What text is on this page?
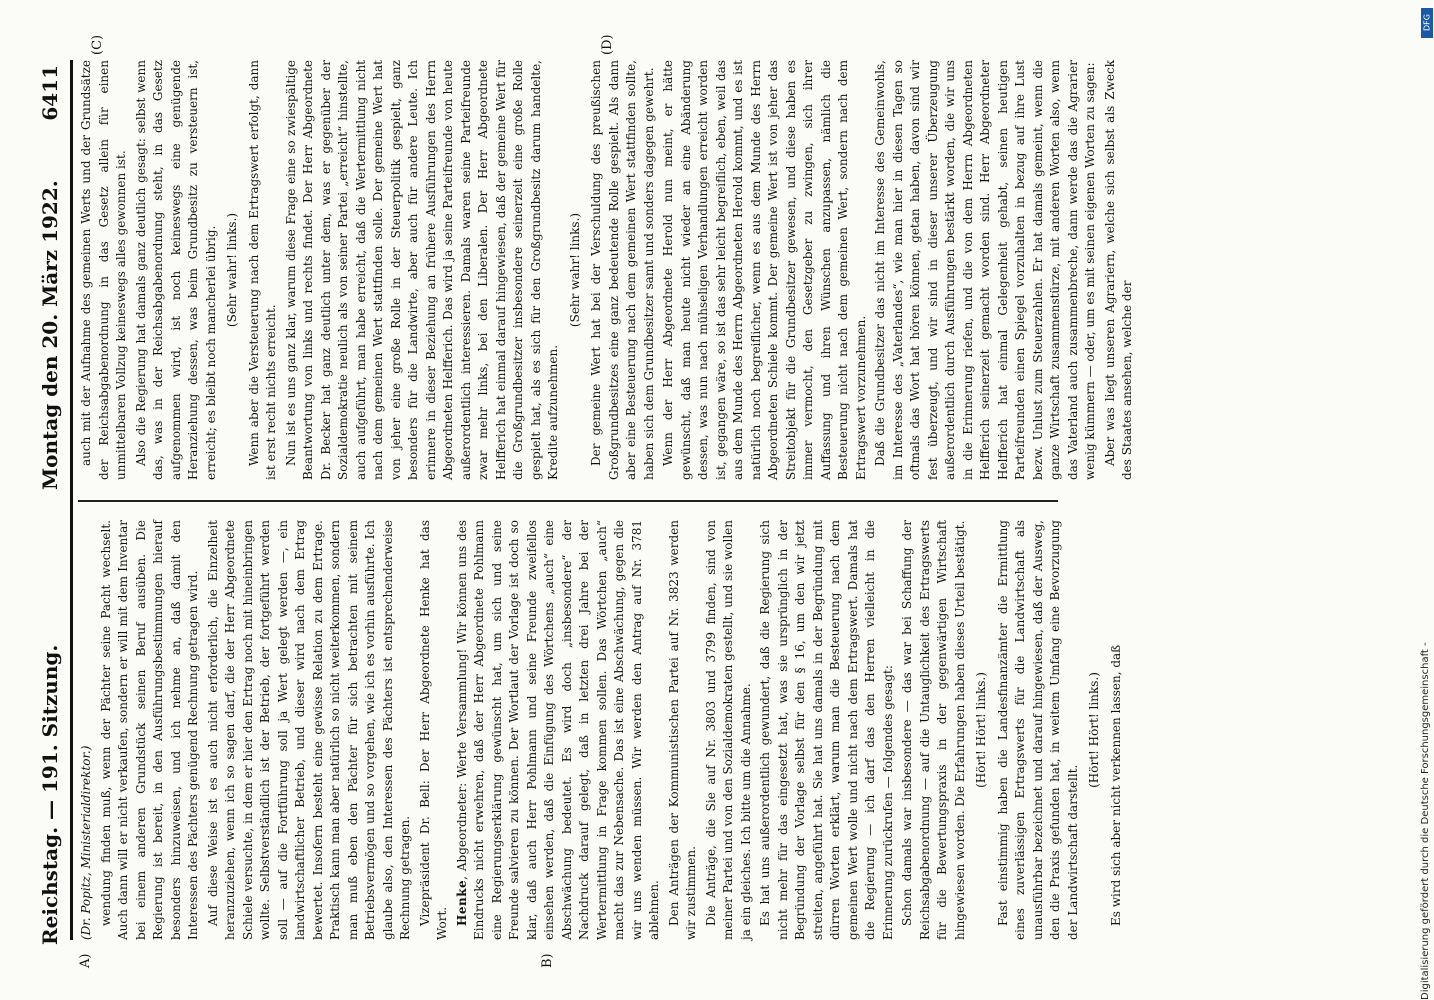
Reichstag. — 191. Sitzung.
Montag den 20. März 1922.
6411
(C)	(D)
B)
A)

(Dr. Popitz, Ministerialdirektor.) wendung finden muß, wenn der Pächter seine Pacht wechselt. Auch dann will er nicht verkaufen, sondern er will mit dem Inventar bei einem anderen Grundstück seinen Beruf ausüben. Die Regierung ist bereit, in den Ausführungsbestimmungen hierauf besonders hinzuweisen, und ich nehme an, daß damit den Interessen des Pächters genügend Rechnung getragen wird. Auf diese Weise ist es auch nicht erforderlich, die Einzelheit heranzuziehen, wenn ich so sagen darf, die der Herr Abgeordnete Schiele versuchte, in dem er hier den Ertrag noch mit hineinbringen wollte. Selbstverständlich ist der Betrieb, der fortgeführt werden soll — auf die Fortführung soll ja Wert gelegt werden —, ein landwirtschaftlicher Betrieb, und dieser wird nach dem Ertrag bewertet. Insofern besteht eine gewisse Relation zu dem Ertrage. Praktisch kann man aber natürlich so nicht weiterkommen, sondern man muß eben den Pächter für sich betrachten mit seinem Betriebsvermögen und so vorgehen, wie ich es vorhin ausführte. Ich glaube also, den Interessen des Pächters ist entsprechenderweise Rechnung getragen. Vizepräsident Dr. Bell: Der Herr Abgeordnete Henke hat das Wort. Henke, Abgeordneter: Werte Versammlung! Wir können uns des Eindrucks nicht erwehren, daß der Herr Abgeordnete Pohlmann eine Regierungserklärung gewünscht hat, um sich und seine Freunde salvieren zu können. Der Wortlaut der Vorlage ist doch so klar, daß auch Herr Pohlmann und seine Freunde zweifellos einsehen werden, daß die Einfügung des Wörtchens „auch“ eine Abschwächung bedeutet. Es wird doch „insbesondere“ der Nachdruck darauf gelegt, daß in letzten drei Jahre bei der Wertermittlung in Frage kommen sollen. Das Wörtchen „auch“ macht das zur Nebensache. Das ist eine Abschwächung, gegen die wir uns wenden müssen. Wir werden den Antrag auf Nr. 3781 ablehnen. Den Anträgen der Kommunistischen Partei auf Nr. 3823 werden wir zustimmen. Die Anträge, die Sie auf Nr. 3803 und 3799 finden, sind von meiner Partei und von den Sozialdemokraten gestellt, und sie wollen ja ein gleiches. Ich bitte um die Annahme. Es hat uns außerordentlich gewundert, daß die Regierung sich nicht mehr für das eingesetzt hat, was sie ursprünglich in der Begründung der Vorlage selbst für den § 16, um den wir jetzt streiten, angeführt hat. Sie hat uns damals in der Begründung mit dürren Worten erklärt, warum man die Besteuerung nach dem gemeinen Wert wolle und nicht nach dem Ertragswert. Damals hat die Regierung — ich darf das den Herren vielleicht in die Erinnerung zurückrufen — folgendes gesagt: Schon damals war insbesondere — das war bei Schaffung der Reichsabgabenordnung — auf die Untauglichkeit des Ertragswerts für die Bewertungspraxis in der gegenwärtigen Wirtschaft hingewiesen worden. Die Erfahrungen haben dieses Urteil bestätigt. (Hört! Hört! links.) Fast einstimmig haben die Landesfinanzämter die Ermittlung eines zuverlässigen Ertragswerts für die Landwirtschaft als unausführbar bezeichnet und darauf hingewiesen, daß der Ausweg, den die Praxis gefunden hat, in weitem Umfang eine Bevorzugung der Landwirtschaft darstellt.

(Hört! Hört! links.) Es wird sich aber nicht verkennen lassen, daß

auch mit der Aufnahme des gemeinen Werts und der Grundsätze der Reichsabgabenordnung in das Gesetz allein für einen unmittelbaren Vollzug keineswegs alles gewonnen ist. Also die Regierung hat damals ganz deutlich gesagt: selbst wenn das, was in der Reichsabgabenordnung steht, in das Gesetz aufgenommen wird, ist noch keineswegs eine genügende Heranziehung dessen, was beim Grundbesitz zu versteuern ist, erreicht; es bleibt noch mancherlei übrig. (Sehr wahr! links.) Wenn aber die Versteuerung nach dem Ertragswert erfolgt, dann ist erst recht nichts erreicht. Nun ist es uns ganz klar, warum diese Frage eine so zwiespältige Beantwortung von links und rechts findet. Der Herr Abgeordnete Dr. Becker hat ganz deutlich unter dem, was er gegenüber der Sozialdemokratie neulich als von seiner Partei „erreicht“ hinstellte, auch aufgeführt, man habe erreicht, daß die Wertermittlung nicht nach dem gemeinen Wert stattfinden solle. Der gemeine Wert hat von jeher eine große Rolle in der Steuerpolitik gespielt, ganz besonders für die Landwirte, aber auch für andere Leute. Ich erinnere in dieser Beziehung an frühere Ausführungen des Herrn Abgeordneten Helfferich. Das wird ja seine Parteifreunde von heute außerordentlich interessieren. Damals waren seine Parteifreunde zwar mehr links, bei den Liberalen. Der Herr Abgeordnete Helfferich hat einmal darauf hingewiesen, daß der gemeine Wert für die Großgrundbesitzer insbesondere seinerzeit eine große Rolle gespielt hat, als es sich für den Großgrundbesitz darum handelte, Kredite aufzunehmen.

(Sehr wahr! links.) Der gemeine Wert hat bei der Verschuldung des preußischen Großgrundbesitzes eine ganz bedeutende Rolle gespielt. Als dann aber eine Besteuerung nach dem gemeinen Wert stattfinden sollte, haben sich dem Grundbesitzer samt und sonders dagegen gewehrt. Wenn der Herr Abgeordnete Herold nun meint, er hätte gewünscht, daß man heute nicht wieder an eine Abänderung dessen, was nun nach mühseligen Verhandlungen erreicht worden ist, gegangen wäre, so ist das sehr leicht begreiflich, eben, weil das aus dem Munde des Herrn Abgeordneten Herold kommt, und es ist natürlich noch begreiflicher, wenn es aus dem Munde des Herrn Abgeordneten Schiele kommt. Der gemeine Wert ist von jeher das Streitobjekt für die Grundbesitzer gewesen, und diese haben es immer vermocht, den Gesetzgeber zu zwingen, sich ihrer Auffassung und ihren Wünschen anzupassen, nämlich die Besteuerung nicht nach dem gemeinen Wert, sondern nach dem Ertragswert vorzunehmen. Daß die Grundbesitzer das nicht im Interesse des Gemeinwohls, im Interesse des „Vaterlandes“, wie man hier in diesen Tagen so oftmals das Wort hat hören können, getan haben, davon sind wir fest überzeugt, und wir sind in dieser unserer Überzeugung außerordentlich durch Ausführungen bestärkt worden, die wir uns in die Erinnerung riefen, und die von dem Herrn Abgeordneten Helfferich seinerzeit gemacht worden sind. Herr Abgeordneter Helfferich hat einmal Gelegenheit gehabt, seinen heutigen Parteifreunden einen Spiegel vorzuhalten in bezug auf ihre Lust bezw. Unlust zum Steuerzahlen. Er hat damals gemeint, wenn die ganze Wirtschaft zusammenstürze, mit anderen Worten also, wenn das Vaterland auch zusammenbreche, dann werde das die Agrarier wenig kümmern — oder, um es mit seinen eigenen Worten zu sagen: Aber was liegt unseren Agrariern, welche sich selbst als Zweck des Staates ansehen, welche der

DFG
Digitalisierung gefördert durch die Deutsche Forschungsgemeinschaft -
